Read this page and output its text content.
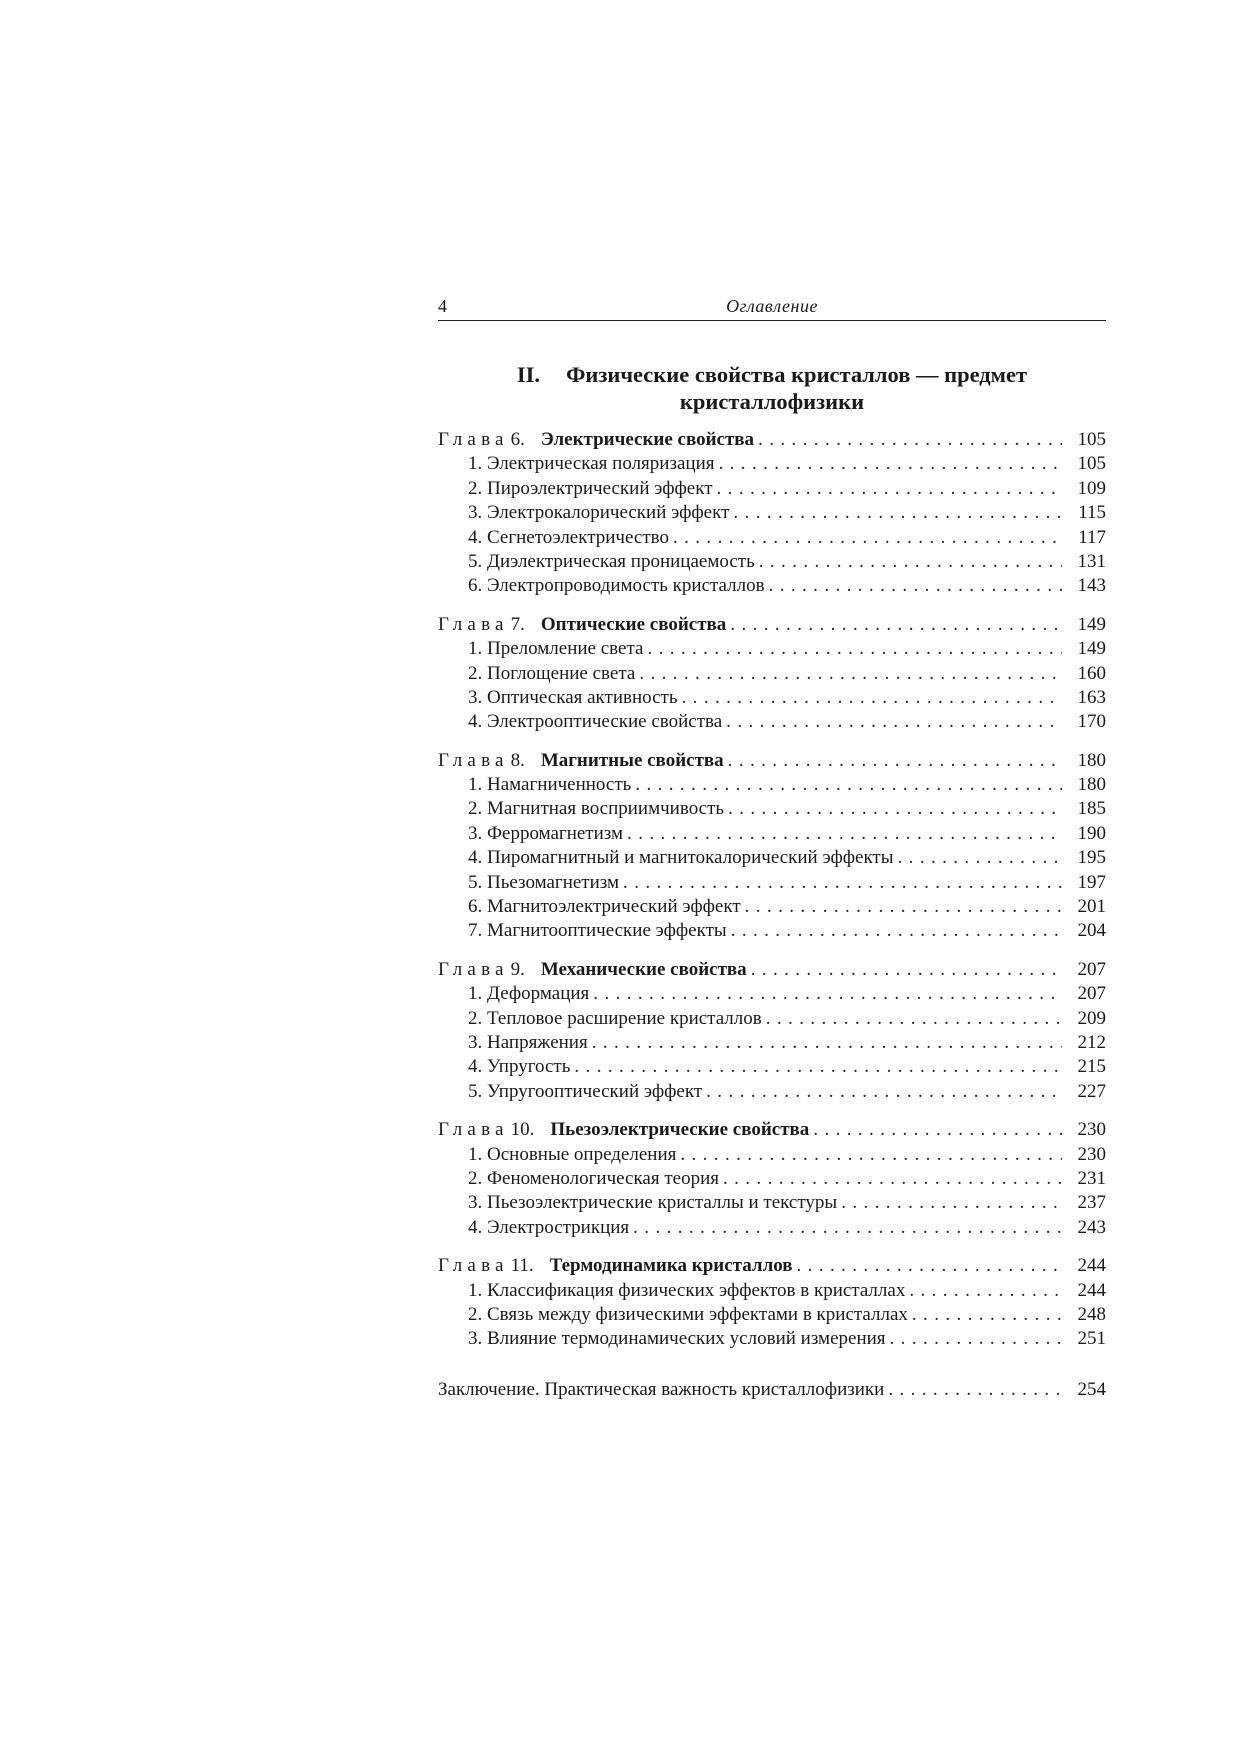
4	Оглавление
II. Физические свойства кристаллов — предмет
кристаллофизики
Глава 6. Электрические свойства .....	105
1. Электрическая поляризация .....	105
2. Пироэлектрический эффект .....	109
3. Электрокалорический эффект .....	115
4. Сегнетоэлектричество .....	117
5. Диэлектрическая проницаемость .....	131
6. Электропроводимость кристаллов .....	143
Глава 7. Оптические свойства .....	149
1. Преломление света .....	149
2. Поглощение света .....	160
3. Оптическая активность .....	163
4. Электрооптические свойства .....	170
Глава 8. Магнитные свойства .....	180
1. Намагниченность .....	180
2. Магнитная восприимчивость .....	185
3. Ферромагнетизм .....	190
4. Пиромагнитный и магнитокалорический эффекты .....	195
5. Пьезомагнетизм .....	197
6. Магнитоэлектрический эффект .....	201
7. Магнитооптические эффекты .....	204
Глава 9. Механические свойства .....	207
1. Деформация .....	207
2. Тепловое расширение кристаллов .....	209
3. Напряжения .....	212
4. Упругость .....	215
5. Упругооптический эффект .....	227
Глава 10. Пьезоэлектрические свойства .....	230
1. Основные определения .....	230
2. Феноменологическая теория .....	231
3. Пьезоэлектрические кристаллы и текстуры .....	237
4. Электрострикция .....	243
Глава 11. Термодинамика кристаллов .....	244
1. Классификация физических эффектов в кристаллах .....	244
2. Связь между физическими эффектами в кристаллах .....	248
3. Влияние термодинамических условий измерения .....	251
Заключение. Практическая важность кристаллофизики .....	254
